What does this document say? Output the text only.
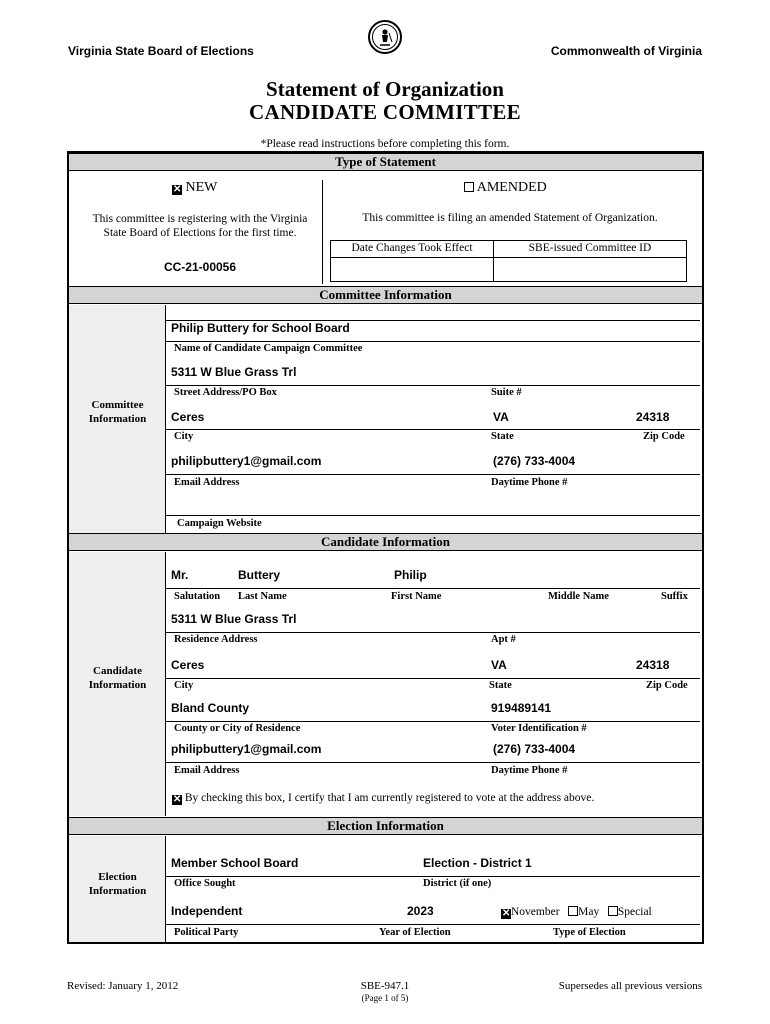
Virginia State Board of Elections	Commonwealth of Virginia
Statement of Organization
CANDIDATE COMMITTEE
*Please read instructions before completing this form.
Type of Statement
✕ NEW
This committee is registering with the Virginia State Board of Elections for the first time.
CC-21-00056
AMENDED
This committee is filing an amended Statement of Organization.
Date Changes Took Effect	SBE-issued Committee ID
Committee Information
Committee
Information
Philip Buttery for School Board
Name of Candidate Campaign Committee
5311 W Blue Grass Trl
Street Address/PO Box	Suite #
Ceres	VA	24318
City	State	Zip Code
philipbuttery1@gmail.com	(276) 733-4004
Email Address	Daytime Phone #
Campaign Website
Candidate Information
Candidate
Information
Mr.	Buttery	Philip
Salutation Last Name	First Name	Middle Name	Suffix
5311 W Blue Grass Trl
Residence Address	Apt #
Ceres	VA	24318
City	State	Zip Code
Bland County	919489141
County or City of Residence	Voter Identification #
philipbuttery1@gmail.com	(276) 733-4004
Email Address	Daytime Phone #
✕ By checking this box, I certify that I am currently registered to vote at the address above.
Election Information
Election
Information
Member School Board	Election - District 1
Office Sought	District (if one)
Independent	2023	✕November May Special
Political Party	Year of Election	Type of Election
Revised: January 1, 2012	SBE-947.1
(Page 1 of 5)
Supersedes all previous versions
